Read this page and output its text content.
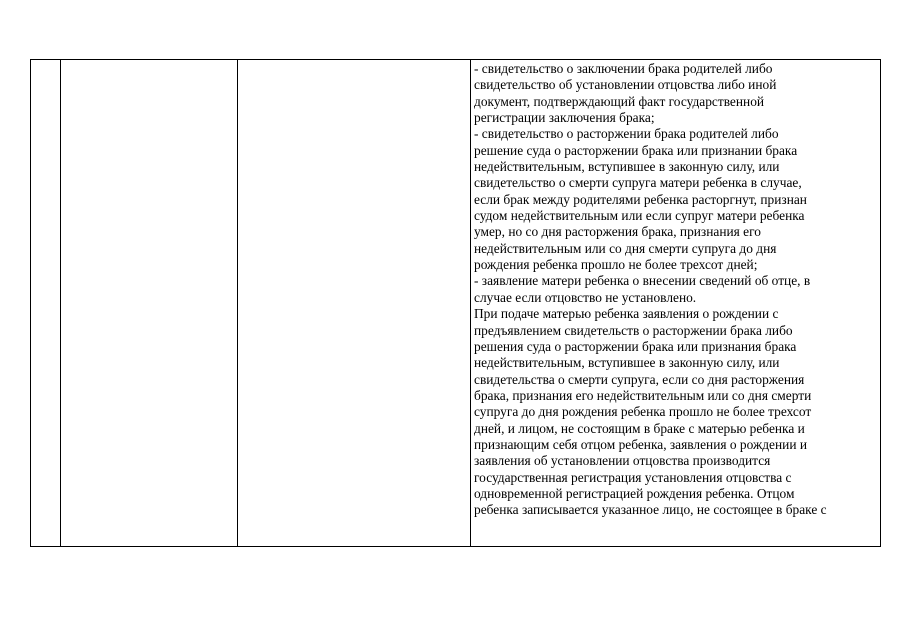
- свидетельство о заключении брака родителей либо
свидетельство об установлении отцовства либо иной
документ, подтверждающий факт государственной
регистрации заключения брака;
- свидетельство о расторжении брака родителей либо
решение суда о расторжении брака или признании брака
недействительным, вступившее в законную силу, или
свидетельство о смерти супруга матери ребенка в случае,
если брак между родителями ребенка расторгнут, признан
судом недействительным или если супруг матери ребенка
умер, но со дня расторжения брака, признания его
недействительным или со дня смерти супруга до дня
рождения ребенка прошло не более трехсот дней;
- заявление матери ребенка о внесении сведений об отце, в
случае если отцовство не установлено.
При подаче матерью ребенка заявления о рождении с
предъявлением свидетельств о расторжении брака либо
решения суда о расторжении брака или признания брака
недействительным, вступившее в законную силу, или
свидетельства о смерти супруга, если со дня расторжения
брака, признания его недействительным или со дня смерти
супруга до дня рождения ребенка прошло не более трехсот
дней, и лицом, не состоящим в браке с матерью ребенка и
признающим себя отцом ребенка, заявления о рождении и
заявления об установлении отцовства производится
государственная регистрация установления отцовства с
одновременной регистрацией рождения ребенка. Отцом
ребенка записывается указанное лицо, не состоящее в браке с
